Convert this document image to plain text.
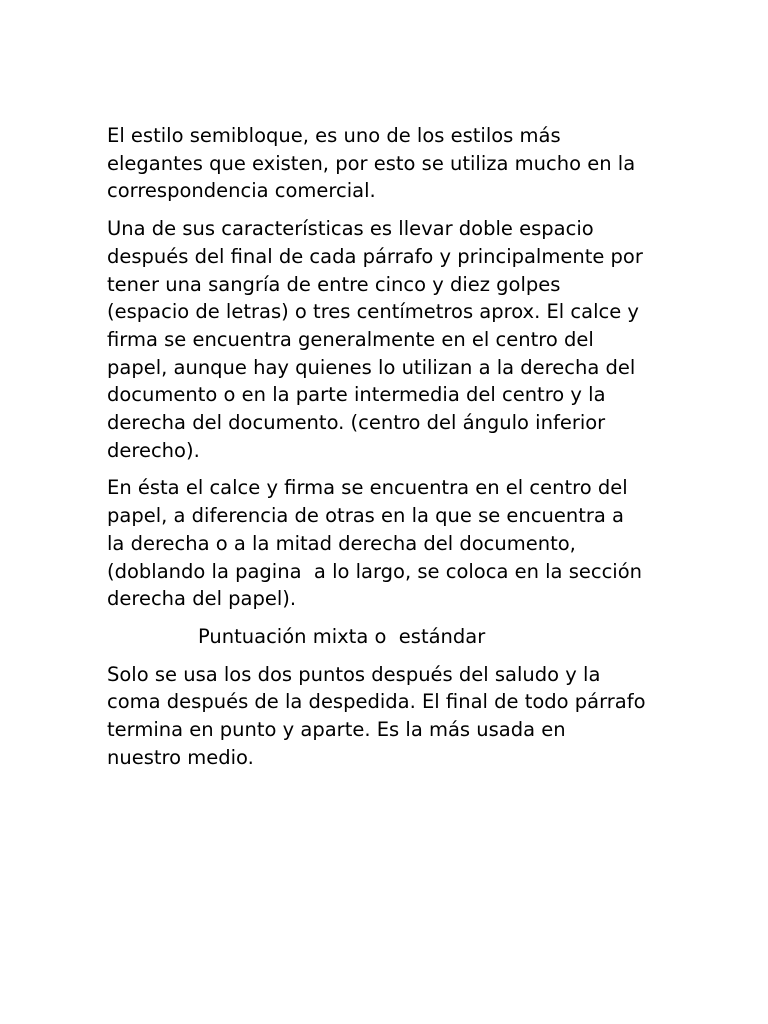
El estilo semibloque, es uno de los estilos más
elegantes que existen, por esto se utiliza mucho en la
correspondencia comercial.

Una de sus características es llevar doble espacio
después del final de cada párrafo y principalmente por
tener una sangría de entre cinco y diez golpes
(espacio de letras) o tres centímetros aprox. El calce y
firma se encuentra generalmente en el centro del
papel, aunque hay quienes lo utilizan a la derecha del
documento o en la parte intermedia del centro y la
derecha del documento. (centro del ángulo inferior
derecho).

En ésta el calce y firma se encuentra en el centro del
papel, a diferencia de otras en la que se encuentra a
la derecha o a la mitad derecha del documento,
(doblando la pagina  a lo largo, se coloca en la sección
derecha del papel).

Puntuación mixta o  estándar

Solo se usa los dos puntos después del saludo y la
coma después de la despedida. El final de todo párrafo
termina en punto y aparte. Es la más usada en
nuestro medio.
